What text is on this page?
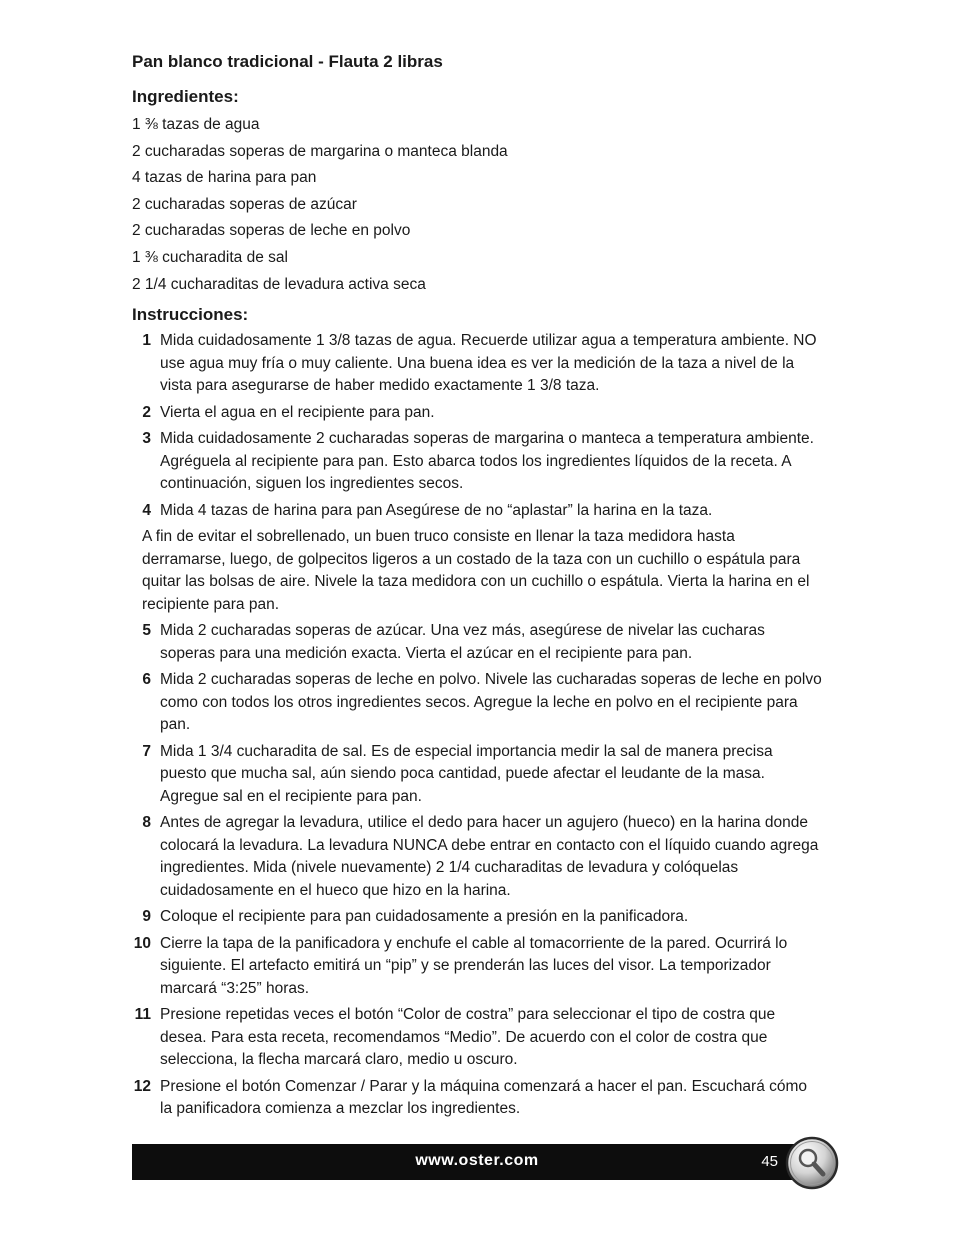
Pan blanco tradicional - Flauta 2 libras
Ingredientes:
1 ⅜ tazas de agua
2 cucharadas soperas de margarina o manteca blanda
4 tazas de harina para pan
2 cucharadas soperas de azúcar
2 cucharadas soperas de leche en polvo
1 ⅜ cucharadita de sal
2 1/4 cucharaditas de levadura activa seca
Instrucciones:
1 Mida cuidadosamente 1 3/8 tazas de agua. Recuerde utilizar agua a temperatura ambiente. NO use agua muy fría o muy caliente. Una buena idea es ver la medición de la taza a nivel de la vista para asegurarse de haber medido exactamente 1 3/8 taza.
2 Vierta el agua en el recipiente para pan.
3 Mida cuidadosamente 2 cucharadas soperas de margarina o manteca a temperatura ambiente. Agréguela al recipiente para pan. Esto abarca todos los ingredientes líquidos de la receta. A continuación, siguen los ingredientes secos.
4 Mida 4 tazas de harina para pan Asegúrese de no “aplastar” la harina en la taza.
A fin de evitar el sobrellenado, un buen truco consiste en llenar la taza medidora hasta derramarse, luego, de golpecitos ligeros a un costado de la taza con un cuchillo o espátula para quitar las bolsas de aire. Nivele la taza medidora con un cuchillo o espátula. Vierta la harina en el recipiente para pan.
5 Mida 2 cucharadas soperas de azúcar. Una vez más, asegúrese de nivelar las cucharas soperas para una medición exacta. Vierta el azúcar en el recipiente para pan.
6 Mida 2 cucharadas soperas de leche en polvo. Nivele las cucharadas soperas de leche en polvo como con todos los otros ingredientes secos. Agregue la leche en polvo en el recipiente para pan.
7 Mida 1 3/4 cucharadita de sal. Es de especial importancia medir la sal de manera precisa puesto que mucha sal, aún siendo poca cantidad, puede afectar el leudante de la masa. Agregue sal en el recipiente para pan.
8 Antes de agregar la levadura, utilice el dedo para hacer un agujero (hueco) en la harina donde colocará la levadura. La levadura NUNCA debe entrar en contacto con el líquido cuando agrega ingredientes. Mida (nivele nuevamente) 2 1/4 cucharaditas de levadura y colóquelas cuidadosamente en el hueco que hizo en la harina.
9 Coloque el recipiente para pan cuidadosamente a presión en la panificadora.
10 Cierre la tapa de la panificadora y enchufe el cable al tomacorriente de la pared. Ocurrirá lo siguiente. El artefacto emitirá un “pip” y se prenderán las luces del visor. La temporizador marcará “3:25” horas.
11 Presione repetidas veces el botón “Color de costra” para seleccionar el tipo de costra que desea. Para esta receta, recomendamos “Medio”. De acuerdo con el color de costra que selecciona, la flecha marcará claro, medio u oscuro.
12 Presione el botón Comenzar / Parar y la máquina comenzará a hacer el pan. Escuchará cómo la panificadora comienza a mezclar los ingredientes.
www.oster.com	45
